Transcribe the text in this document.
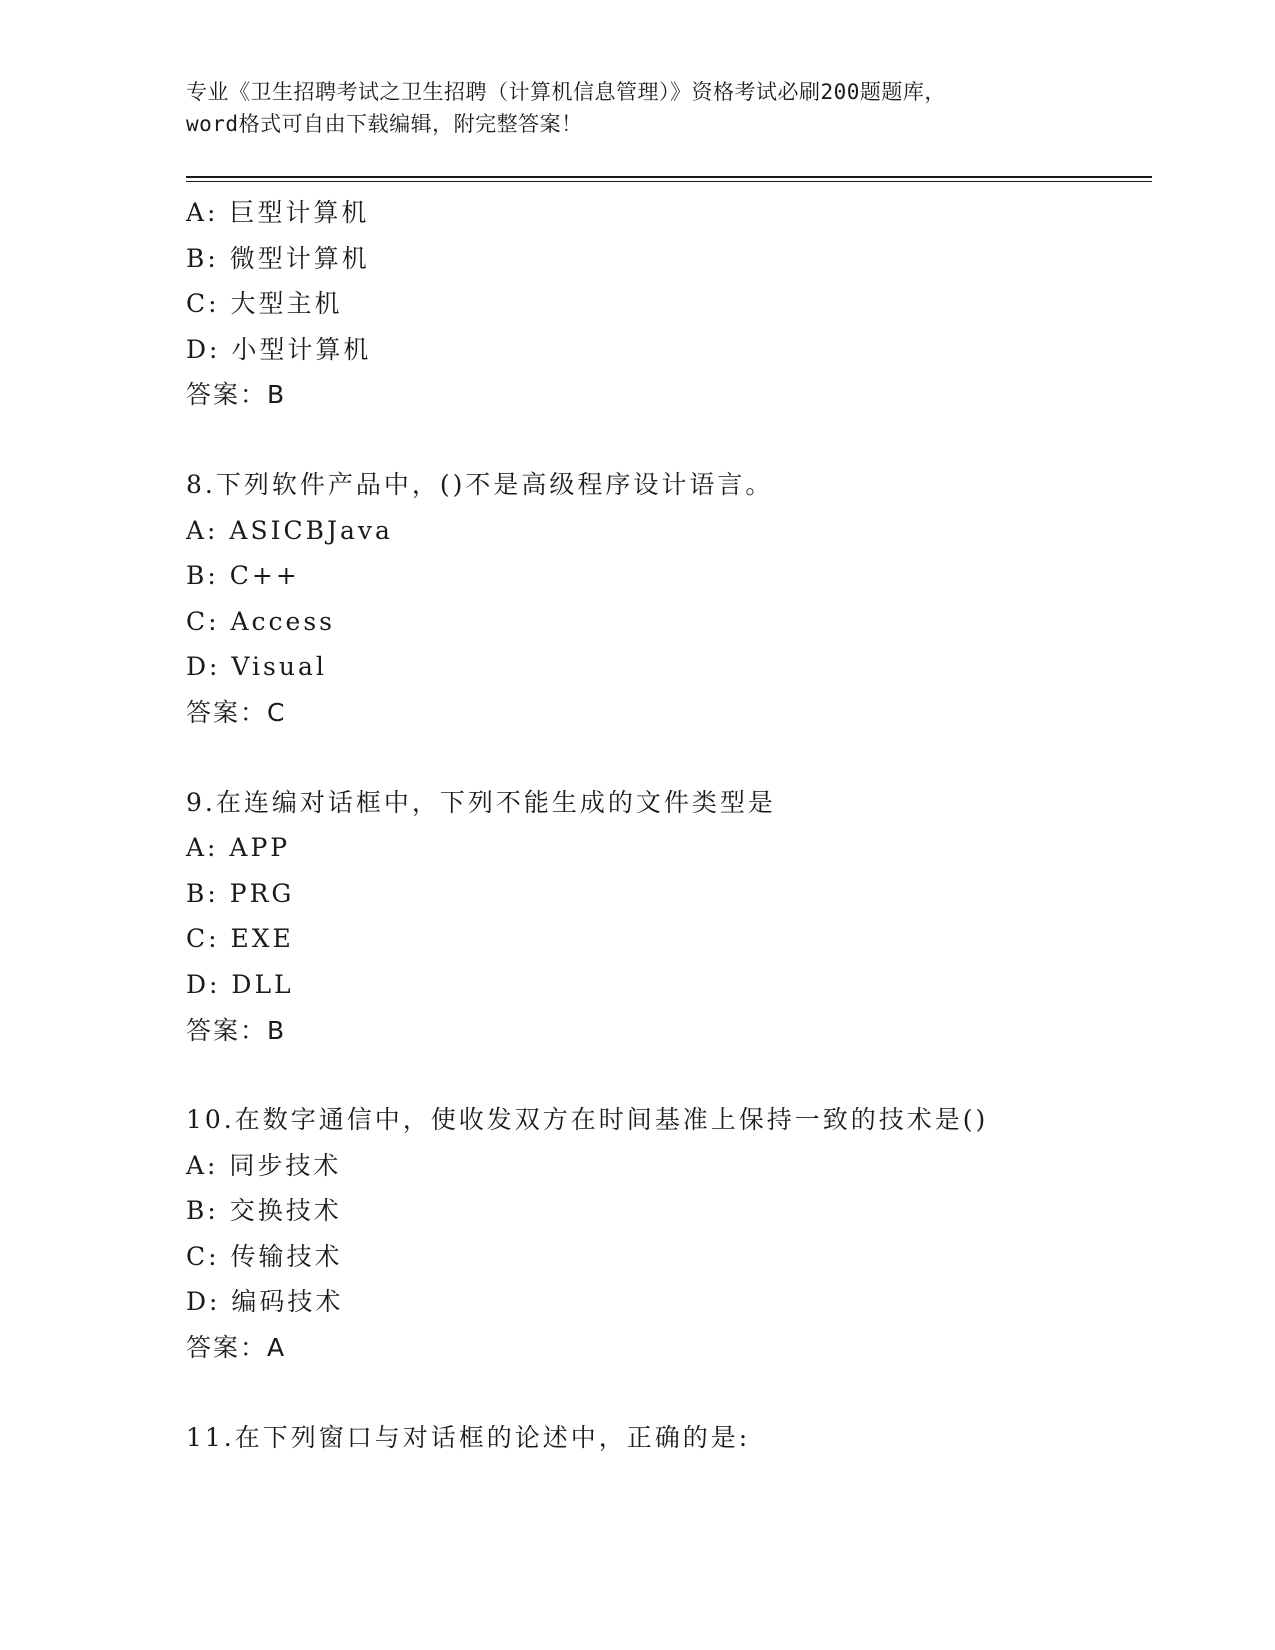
专业《卫生招聘考试之卫生招聘（计算机信息管理）》资格考试必刷200题题库，
word格式可自由下载编辑，附完整答案！
A: 巨型计算机
B: 微型计算机
C: 大型主机
D: 小型计算机
答案：B
8.下列软件产品中，()不是高级程序设计语言。
A: ASICBJava
B: C++
C: Access
D: Visual
答案：C
9.在连编对话框中，下列不能生成的文件类型是
A: APP
B: PRG
C: EXE
D: DLL
答案：B
10.在数字通信中，使收发双方在时间基准上保持一致的技术是()
A: 同步技术
B: 交换技术
C: 传输技术
D: 编码技术
答案：A
11.在下列窗口与对话框的论述中，正确的是:
